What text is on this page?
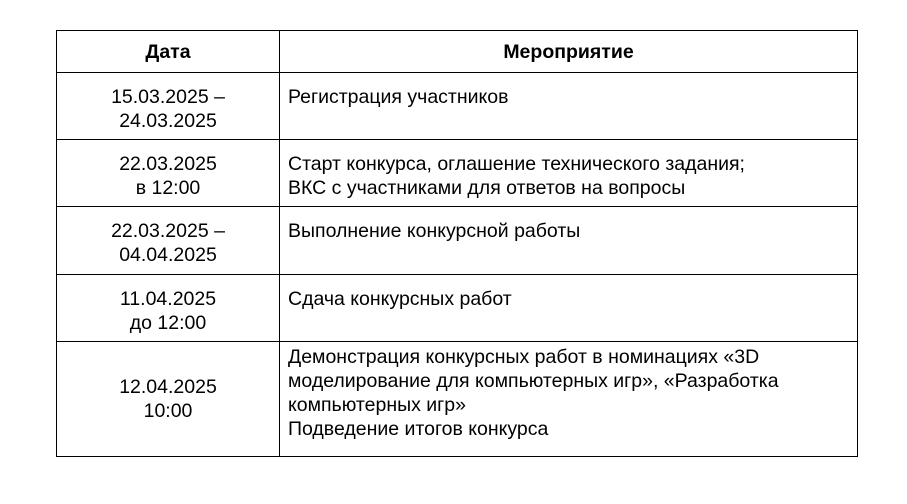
Дата	Мероприятие

15.03.2025 –
24.03.2025	Регистрация участников

22.03.2025
в 12:00	Старт конкурса, оглашение технического задания;
ВКС с участниками для ответов на вопросы

22.03.2025 –
04.04.2025	Выполнение конкурсной работы

11.04.2025
до 12:00	Сдача конкурсных работ

12.04.2025
10:00	Демонстрация конкурсных работ в номинациях «3D моделирование для компьютерных игр», «Разработка компьютерных игр»
Подведение итогов конкурса
